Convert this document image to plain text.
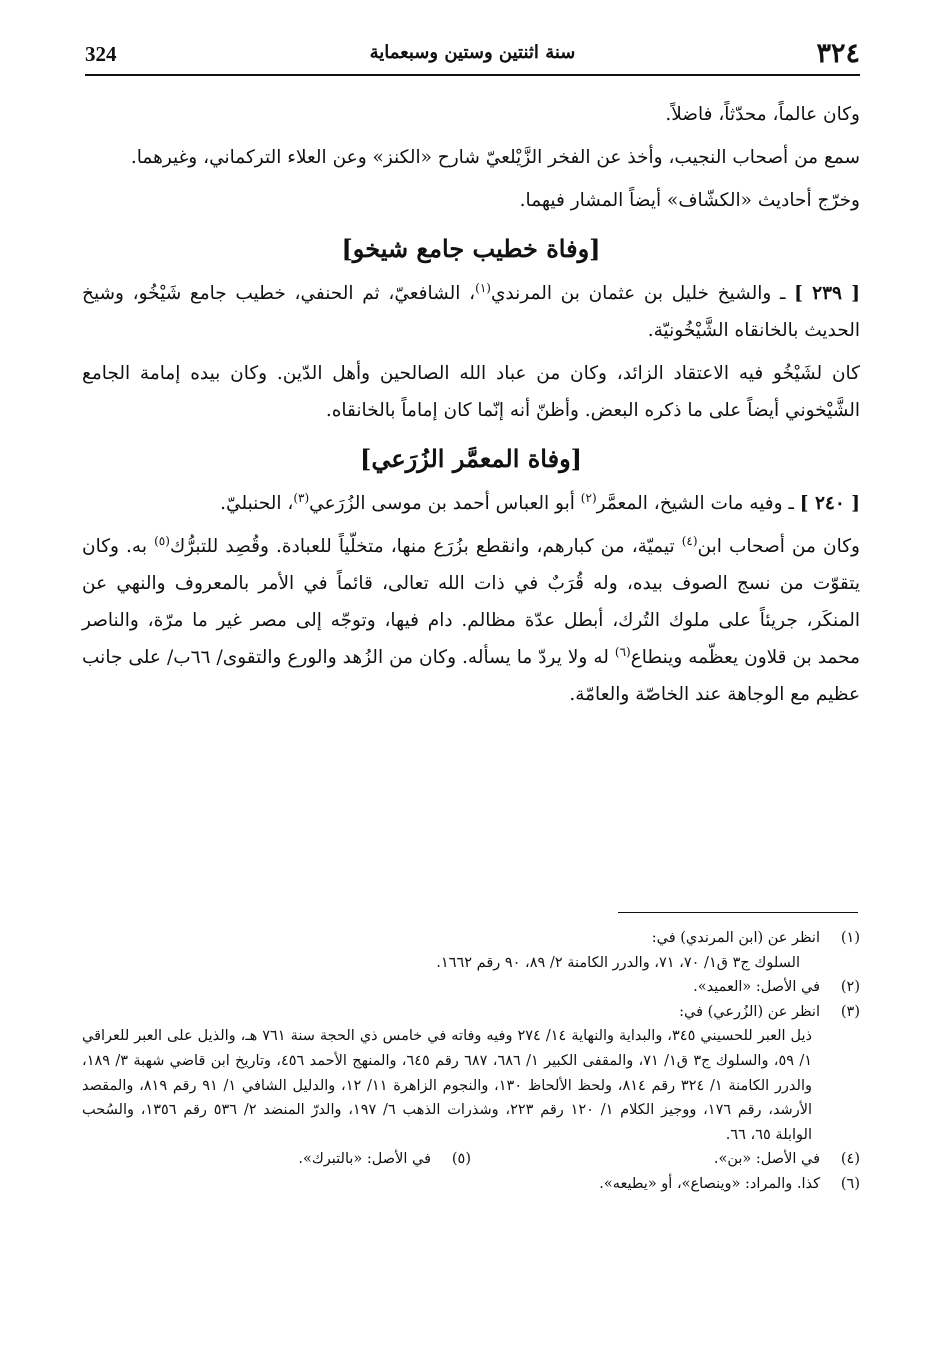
324	سنة اثنتين وستين وسبعماية	٣٢٤

وكان عالماً، محدّثاً، فاضلاً.

سمع من أصحاب النجيب، وأخذ عن الفخر الزَّيْلعيّ شارح «الكنز» وعن العلاء التركماني، وغيرهما.

وخرّج أحاديث «الكشّاف» أيضاً المشار فيهما.

[وفاة خطيب جامع شيخو]

[ ٢٣٩ ] ـ والشيخ خليل بن عثمان بن المرندي$^{(١)}$، الشافعيّ، ثم الحنفي، خطيب جامع شَيْخُو، وشيخ الحديث بالخانقاه الشَّيْخُونيّة.

كان لشَيْخُو فيه الاعتقاد الزائد، وكان من عباد الله الصالحين وأهل الدّين. وكان بيده إمامة الجامع الشَّيْخوني أيضاً على ما ذكره البعض. وأظنّ أنه إنّما كان إماماً بالخانقاه.

[وفاة المعمَّر الزُرَعي]

[ ٢٤٠ ] ـ وفيه مات الشيخ، المعمَّر$^{(٢)}$ أبو العباس أحمد بن موسى الزُرَعي$^{(٣)}$، الحنبليّ.

وكان من أصحاب ابن$^{(٤)}$ تيميّة، من كبارهم، وانقطع بزُرَع منها، متخلّياً للعبادة. وقُصِد للتبرُّك$^{(٥)}$ به. وكان يتقوّت من نسج الصوف بيده، وله قُرَبٌ في ذات الله تعالى، قائماً في الأمر بالمعروف والنهي عن المنكَر، جريئاً على ملوك التُرك، أبطل عدّة مظالم. دام فيها، وتوجّه إلى مصر غير ما مرّة، والناصر محمد بن قلاون يعظّمه وينطاع$^{(٦)}$ له ولا يردّ ما يسأله. وكان من الزُهد والورع والتقوى/ ٦٦ب/ على جانب عظيم مع الوجاهة عند الخاصّة والعامّة.

(١)
انظر عن (ابن المرندي) في:
السلوك ج٣ ق١/ ٧٠، ٧١، والدرر الكامنة ٢/ ٨٩، ٩٠ رقم ١٦٦٢.
(٢)
في الأصل: «العميد».
(٣)
انظر عن (الزُرعي) في:
ذيل العبر للحسيني ٣٤٥، والبداية والنهاية ١٤/ ٢٧٤ وفيه وفاته في خامس ذي الحجة سنة ٧٦١ هـ، والذيل على العبر للعراقي ١/ ٥٩، والسلوك ج٣ ق١/ ٧١، والمقفى الكبير ١/ ٦٨٦، ٦٨٧ رقم ٦٤٥، والمنهج الأحمد ٤٥٦، وتاريخ ابن قاضي شهبة ٣/ ١٨٩، والدرر الكامنة ١/ ٣٢٤ رقم ٨١٤، ولحظ الألحاظ ١٣٠، والنجوم الزاهرة ١١/ ١٢، والدليل الشافي ١/ ٩١ رقم ٨١٩، والمقصد الأرشد، رقم ١٧٦، ووجيز الكلام ١/ ١٢٠ رقم ٢٢٣، وشذرات الذهب ٦/ ١٩٧، والدرّ المنضد ٢/ ٥٣٦ رقم ١٣٥٦، والسُحب الوابلة ٦٥، ٦٦.
(٤)
في الأصل: «بن».
(٥)
في الأصل: «بالتبرك».
(٦)
كذا. والمراد: «وينصاع»، أو «يطيعه».
